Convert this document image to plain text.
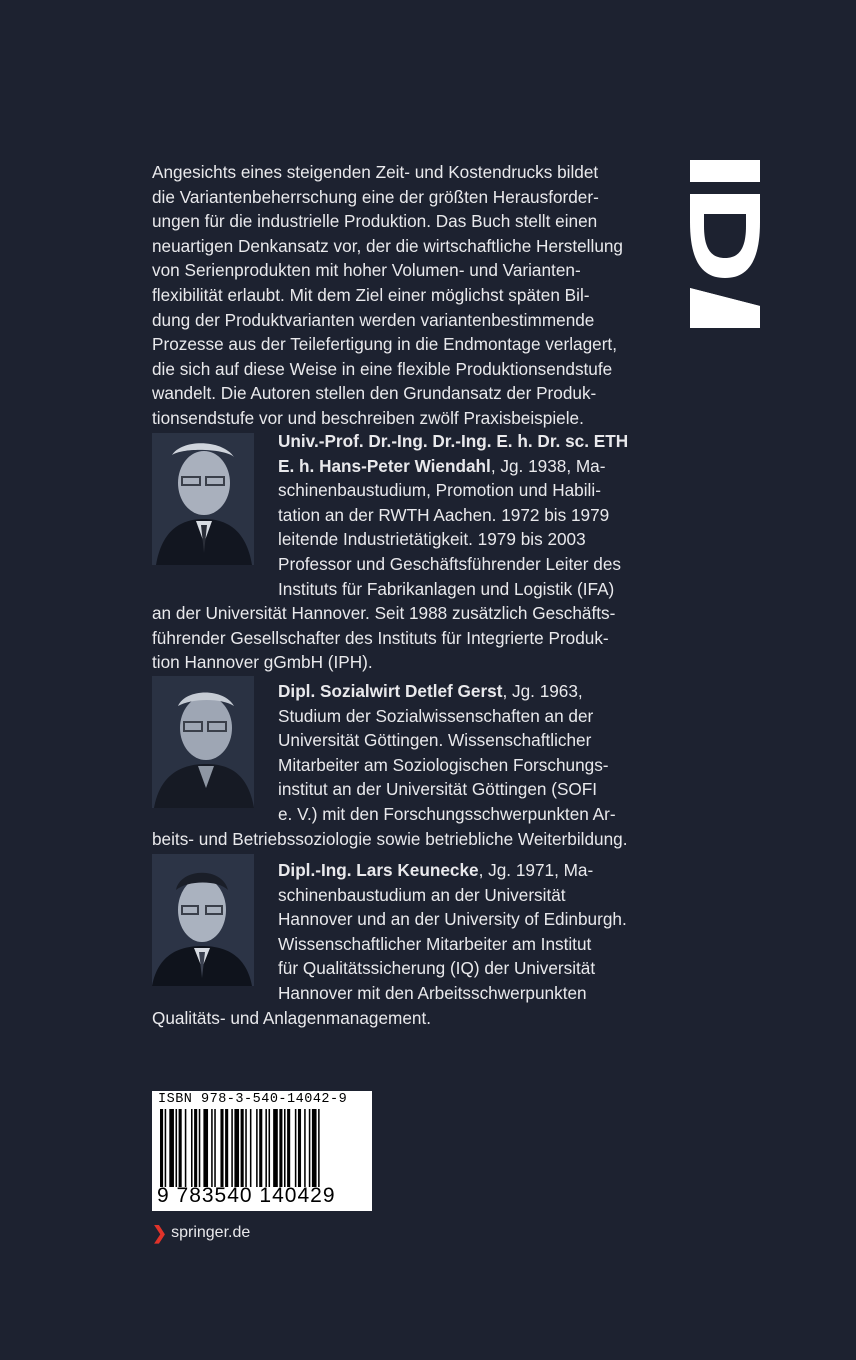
Angesichts eines steigenden Zeit- und Kostendrucks bildet
die Variantenbeherrschung eine der größten Herausforder-
ungen für die industrielle Produktion. Das Buch stellt einen
neuartigen Denkansatz vor, der die wirtschaftliche Herstellung
von Serienprodukten mit hoher Volumen- und Varianten-
flexibilität erlaubt. Mit dem Ziel einer möglichst späten Bil-
dung der Produktvarianten werden variantenbestimmende
Prozesse aus der Teilefertigung in die Endmontage verlagert,
die sich auf diese Weise in eine flexible Produktionsendstufe
wandelt. Die Autoren stellen den Grundansatz der Produk-
tionsendstufe vor und beschreiben zwölf Praxisbeispiele.

Univ.-Prof. Dr.-Ing. Dr.-Ing. E. h. Dr. sc. ETH
E. h. Hans-Peter Wiendahl, Jg. 1938, Ma-
schinenbaustudium, Promotion und Habili-
tation an der RWTH Aachen. 1972 bis 1979
leitende Industrietätigkeit. 1979 bis 2003
Professor und Geschäftsführender Leiter des
Instituts für Fabrikanlagen und Logistik (IFA)
an der Universität Hannover. Seit 1988 zusätzlich Geschäfts-
führender Gesellschafter des Instituts für Integrierte Produk-
tion Hannover gGmbH (IPH).

Dipl. Sozialwirt Detlef Gerst, Jg. 1963,
Studium der Sozialwissenschaften an der
Universität Göttingen. Wissenschaftlicher
Mitarbeiter am Soziologischen Forschungs-
institut an der Universität Göttingen (SOFI
e. V.) mit den Forschungsschwerpunkten Ar-
beits- und Betriebssoziologie sowie betriebliche Weiterbildung.

Dipl.-Ing. Lars Keunecke, Jg. 1971, Ma-
schinenbaustudium an der Universität
Hannover und an der University of Edinburgh.
Wissenschaftlicher Mitarbeiter am Institut
für Qualitätssicherung (IQ) der Universität
Hannover mit den Arbeitsschwerpunkten
Qualitäts- und Anlagenmanagement.

ISBN 978-3-540-14042-9
9 783540 140429
❯ springer.de
